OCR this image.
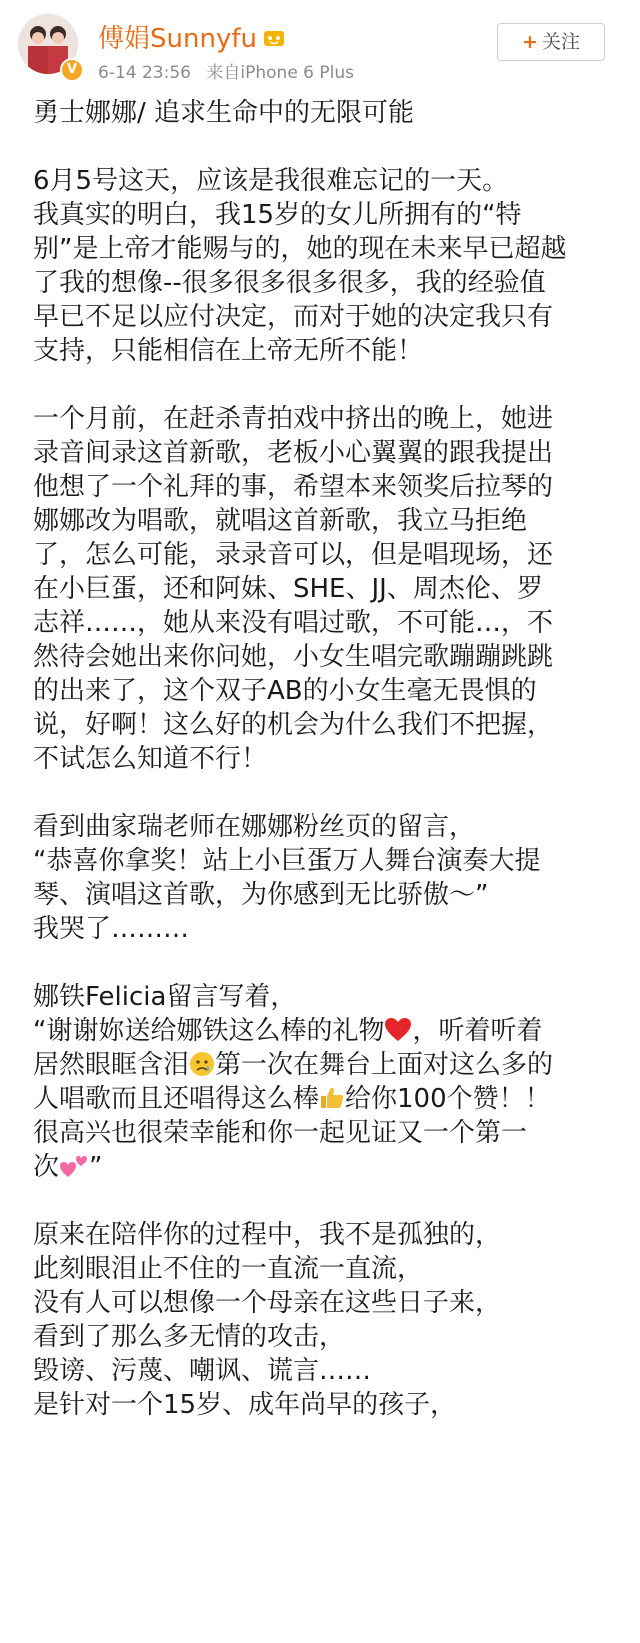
V
傅娟Sunnyfu
6-14 23:56 来自iPhone 6 Plus
+ 关注
勇士娜娜/ 追求生命中的无限可能
6月5号这天，应该是我很难忘记的一天。
我真实的明白，我15岁的女儿所拥有的“特
别”是上帝才能赐与的，她的现在未来早已超越
了我的想像--很多很多很多很多，我的经验值
早已不足以应付决定，而对于她的决定我只有
支持，只能相信在上帝无所不能！
一个月前，在赶杀青拍戏中挤出的晚上，她进
录音间录这首新歌，老板小心翼翼的跟我提出
他想了一个礼拜的事，希望本来领奖后拉琴的
娜娜改为唱歌，就唱这首新歌，我立马拒绝
了，怎么可能，录录音可以，但是唱现场，还
在小巨蛋，还和阿妹、SHE、JJ、周杰伦、罗
志祥……，她从来没有唱过歌，不可能…，不
然待会她出来你问她，小女生唱完歌蹦蹦跳跳
的出来了，这个双子AB的小女生毫无畏惧的
说，好啊！这么好的机会为什么我们不把握，
不试怎么知道不行！
看到曲家瑞老师在娜娜粉丝页的留言，
“恭喜你拿奖！站上小巨蛋万人舞台演奏大提
琴、演唱这首歌，为你感到无比骄傲～”
我哭了………
娜铁Felicia留言写着，
“谢谢妳送给娜铁这么棒的礼物 ，听着听着
居然眼眶含泪 第一次在舞台上面对这么多的
人唱歌而且还唱得这么棒 给你100个赞！！
很高兴也很荣幸能和你一起见证又一个第一
次 ”
原来在陪伴你的过程中，我不是孤独的，
此刻眼泪止不住的一直流一直流，
没有人可以想像一个母亲在这些日子来，
看到了那么多无情的攻击，
毁谤、污蔑、嘲讽、谎言……
是针对一个15岁、成年尚早的孩子，
@南都娱乐周刊
weibo.com/saweekly
